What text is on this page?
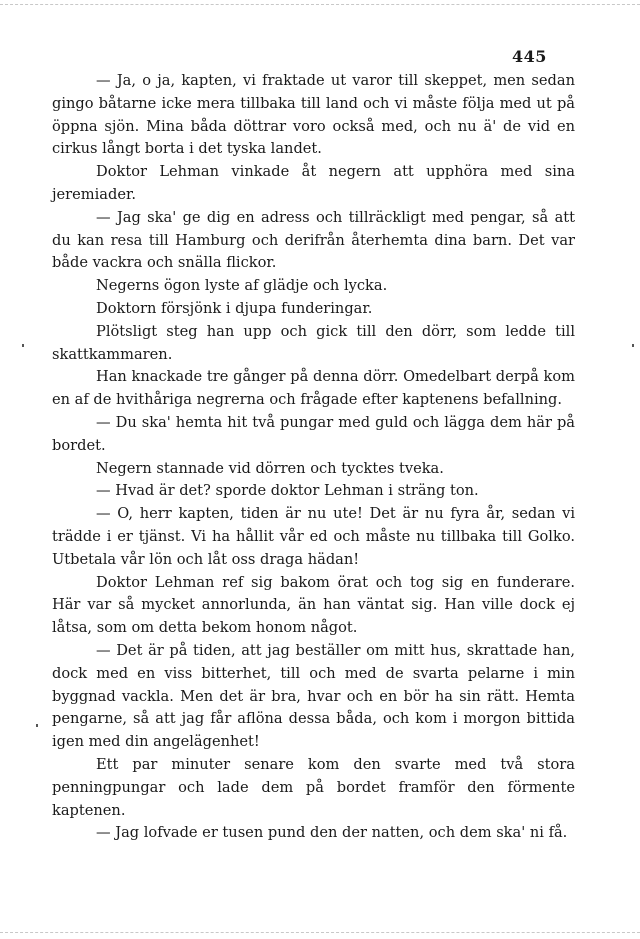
445

— Ja, o ja, kapten, vi fraktade ut varor till skeppet, men sedan gingo båtarne icke mera tillbaka till land och vi måste följa med ut på öppna sjön. Mina båda döttrar voro också med, och nu ä' de vid en cirkus långt borta i det tyska landet.

Doktor Lehman vinkade åt negern att upphöra med sina jeremiader.

— Jag ska' ge dig en adress och tillräckligt med pengar, så att du kan resa till Hamburg och derifrån återhemta dina barn. Det var både vackra och snälla flickor.

Negerns ögon lyste af glädje och lycka.

Doktorn försjönk i djupa funderingar.

Plötsligt steg han upp och gick till den dörr, som ledde till skattkammaren.

Han knackade tre gånger på denna dörr. Omedelbart derpå kom en af de hvithåriga negrerna och frågade efter kaptenens befallning.

— Du ska' hemta hit två pungar med guld och lägga dem här på bordet.

Negern stannade vid dörren och tycktes tveka.

— Hvad är det? sporde doktor Lehman i sträng ton.

— O, herr kapten, tiden är nu ute! Det är nu fyra år, sedan vi trädde i er tjänst. Vi ha hållit vår ed och måste nu tillbaka till Golko. Utbetala vår lön och låt oss draga hädan!

Doktor Lehman ref sig bakom örat och tog sig en funderare. Här var så mycket annorlunda, än han väntat sig. Han ville dock ej låtsa, som om detta bekom honom något.

— Det är på tiden, att jag beställer om mitt hus, skrattade han, dock med en viss bitterhet, till och med de svarta pelarne i min byggnad vackla. Men det är bra, hvar och en bör ha sin rätt. Hemta pengarne, så att jag får aflöna dessa båda, och kom i morgon bittida igen med din angelägenhet!

Ett par minuter senare kom den svarte med två stora penningpungar och lade dem på bordet framför den förmente kaptenen.

— Jag lofvade er tusen pund den der natten, och dem ska' ni få.
